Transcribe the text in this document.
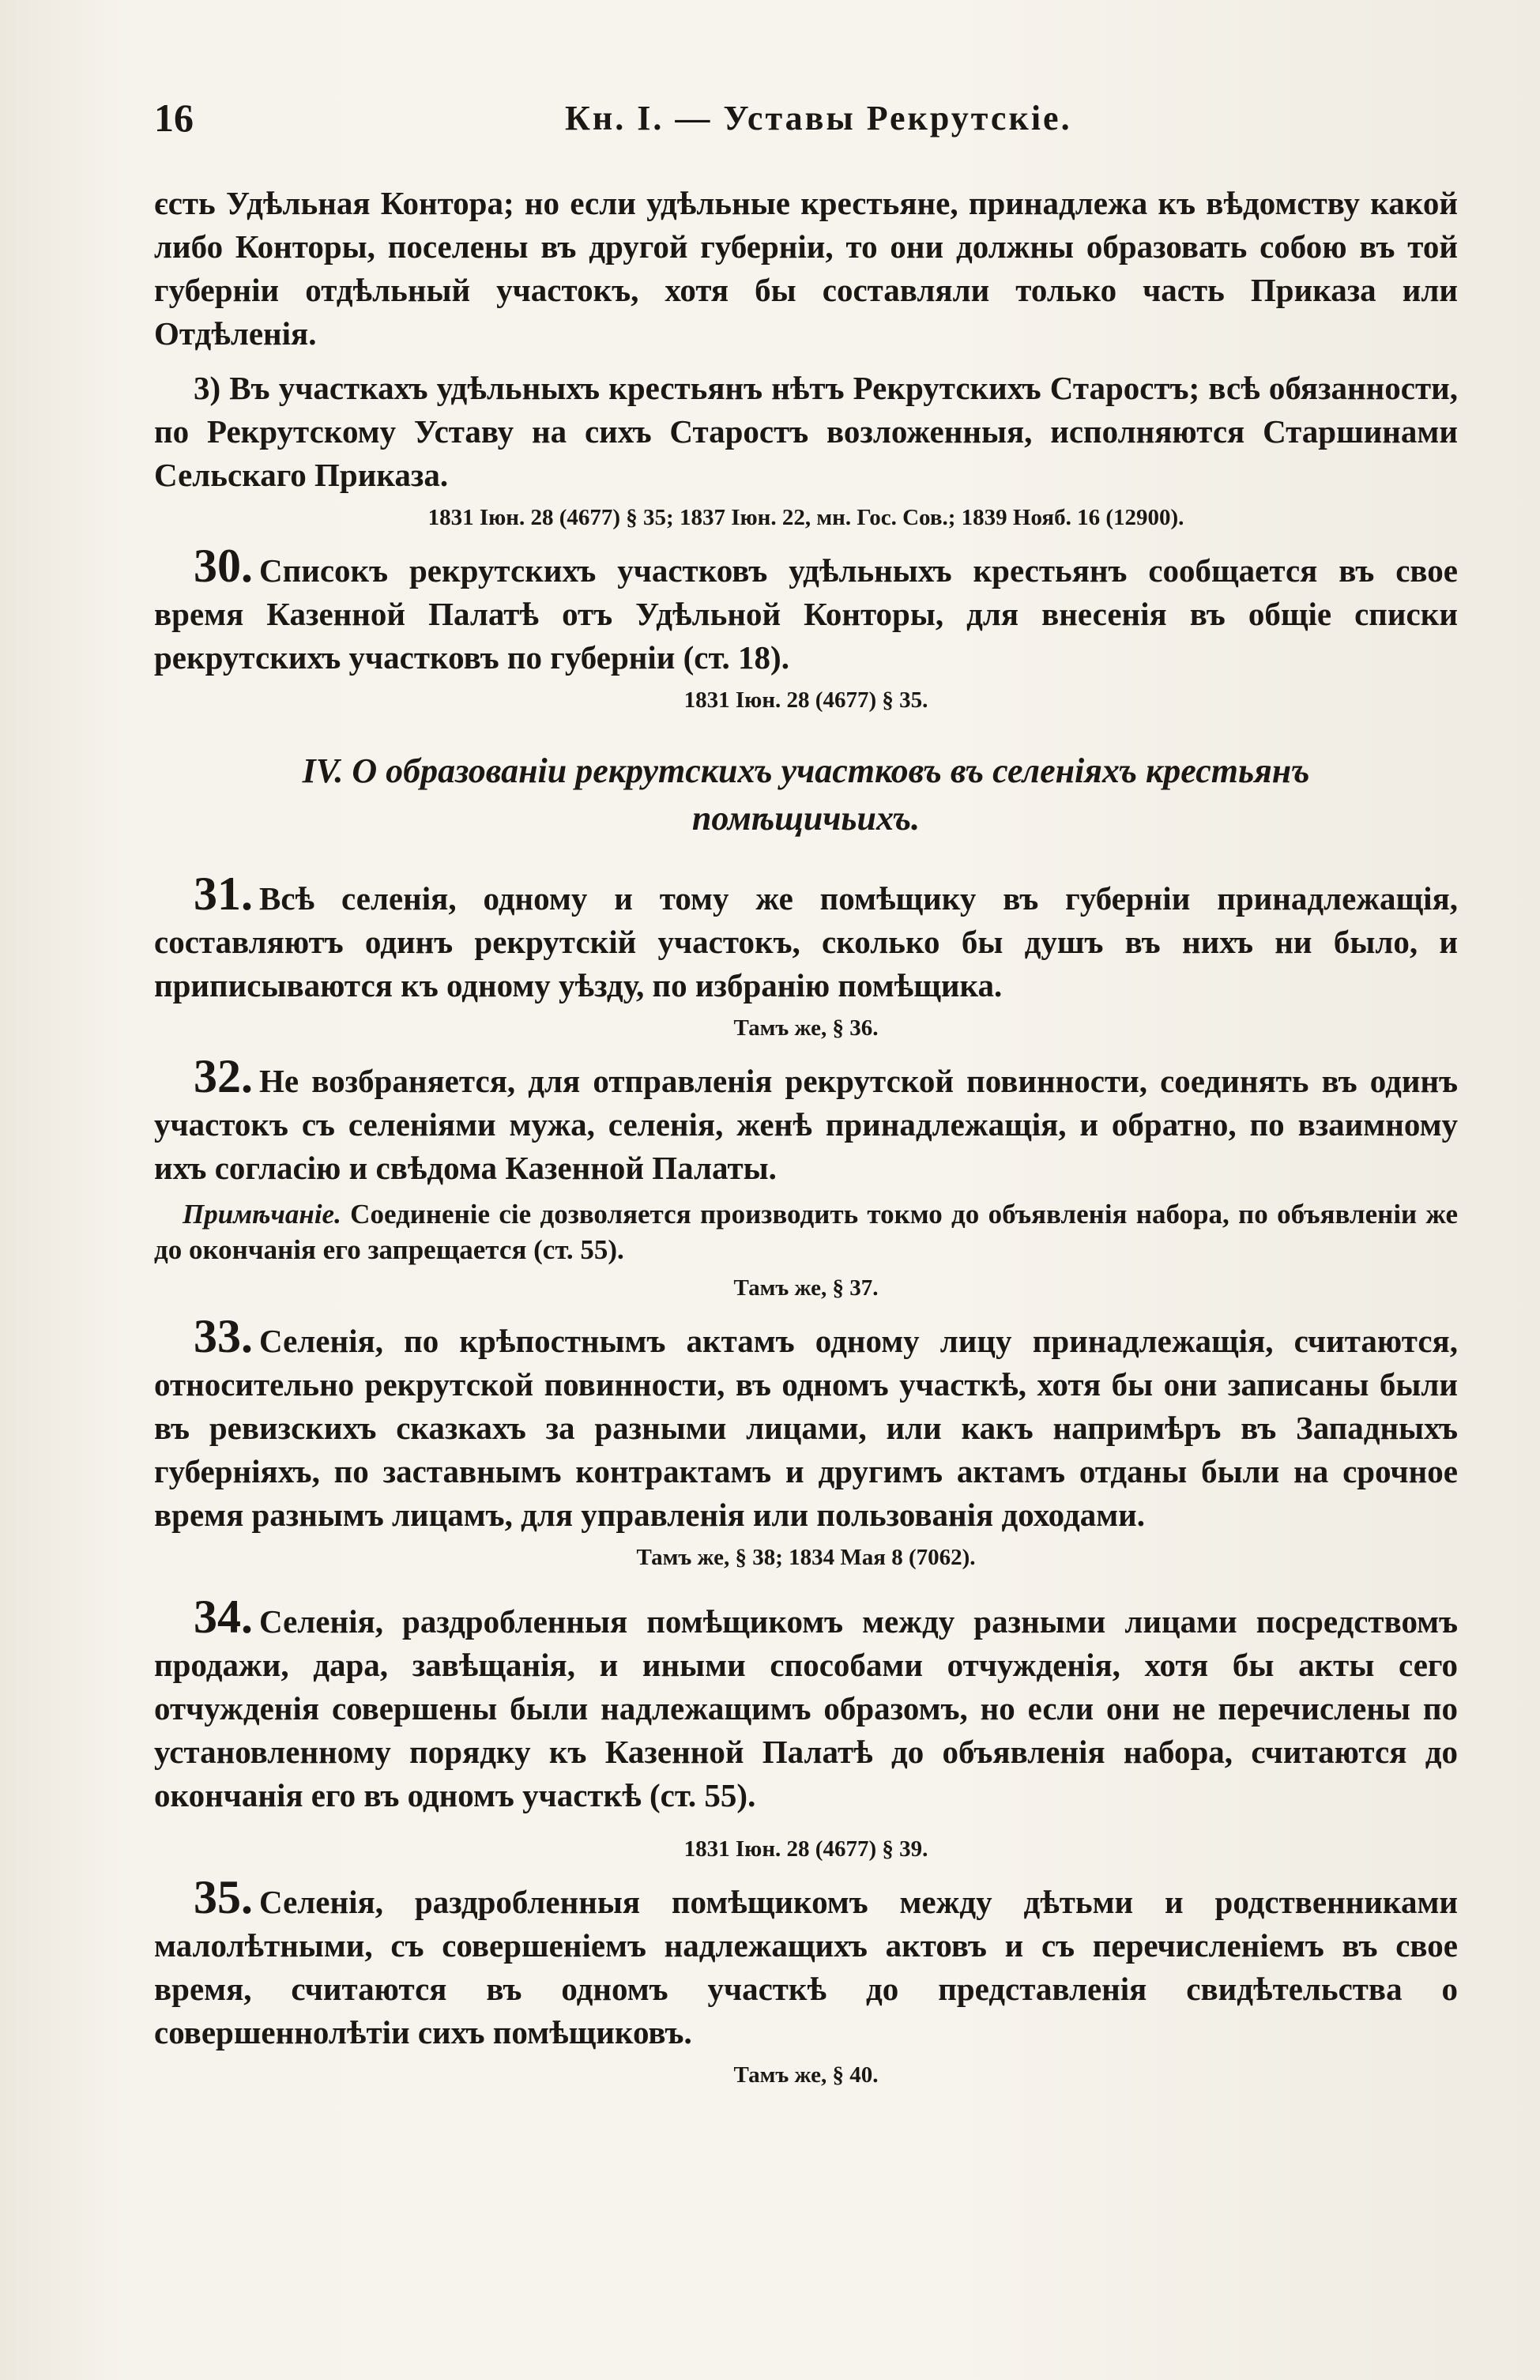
16	Кн. I. — Уставы Рекрутскіе.

єсть Удѣльная Контора; но если удѣльные крестьяне, принадлежа къ вѣдомству какой либо Конторы, поселены въ другой губерніи, то они должны образовать собою въ той губерніи отдѣльный участокъ, хотя бы составляли только часть Приказа или Отдѣленія.

3) Въ участкахъ удѣльныхъ крестьянъ нѣтъ Рекрутскихъ Старостъ; всѣ обязанности, по Рекрутскому Уставу на сихъ Старостъ возложенныя, исполняются Старшинами Сельскаго Приказа.

1831 Іюн. 28 (4677) § 35; 1837 Іюн. 22, мн. Гос. Сов.; 1839 Нояб. 16 (12900).

30. Списокъ рекрутскихъ участковъ удѣльныхъ крестьянъ сообщается въ свое время Казенной Палатѣ отъ Удѣльной Конторы, для внесенія въ общіе списки рекрутскихъ участковъ по губерніи (ст. 18).

1831 Іюн. 28 (4677) § 35.

IV. О образованіи рекрутскихъ участковъ въ селеніяхъ крестьянъ помѣщичьихъ.

31. Всѣ селенія, одному и тому же помѣщику въ губерніи принадлежащія, составляютъ одинъ рекрутскій участокъ, сколько бы душъ въ нихъ ни было, и приписываются къ одному уѣзду, по избранію помѣщика.

Тамъ же, § 36.

32. Не возбраняется, для отправленія рекрутской повинности, соединять въ одинъ участокъ съ селеніями мужа, селенія, женѣ принадлежащія, и обратно, по взаимному ихъ согласію и свѣдома Казенной Палаты.

Примѣчаніе. Соединеніе сіе дозволяется производить токмо до объявленія набора, по объявленіи же до окончанія его запрещается (ст. 55).

Тамъ же, § 37.

33. Селенія, по крѣпостнымъ актамъ одному лицу принадлежащія, считаются, относительно рекрутской повинности, въ одномъ участкѣ, хотя бы они записаны были въ ревизскихъ сказкахъ за разными лицами, или какъ напримѣръ въ Западныхъ губерніяхъ, по заставнымъ контрактамъ и другимъ актамъ отданы были на срочное время разнымъ лицамъ, для управленія или пользованія доходами.

Тамъ же, § 38; 1834 Мая 8 (7062).

34. Селенія, раздробленныя помѣщикомъ между разными лицами посредствомъ продажи, дара, завѣщанія, и иными способами отчужденія, хотя бы акты сего отчужденія совершены были надлежащимъ образомъ, но если они не перечислены по установленному порядку къ Казенной Палатѣ до объявленія набора, считаются до окончанія его въ одномъ участкѣ (ст. 55).

1831 Іюн. 28 (4677) § 39.

35. Селенія, раздробленныя помѣщикомъ между дѣтьми и родственниками малолѣтными, съ совершеніемъ надлежащихъ актовъ и съ перечисленіемъ въ свое время, считаются въ одномъ участкѣ до представленія свидѣтельства о совершеннолѣтіи сихъ помѣщиковъ.

Тамъ же, § 40.
